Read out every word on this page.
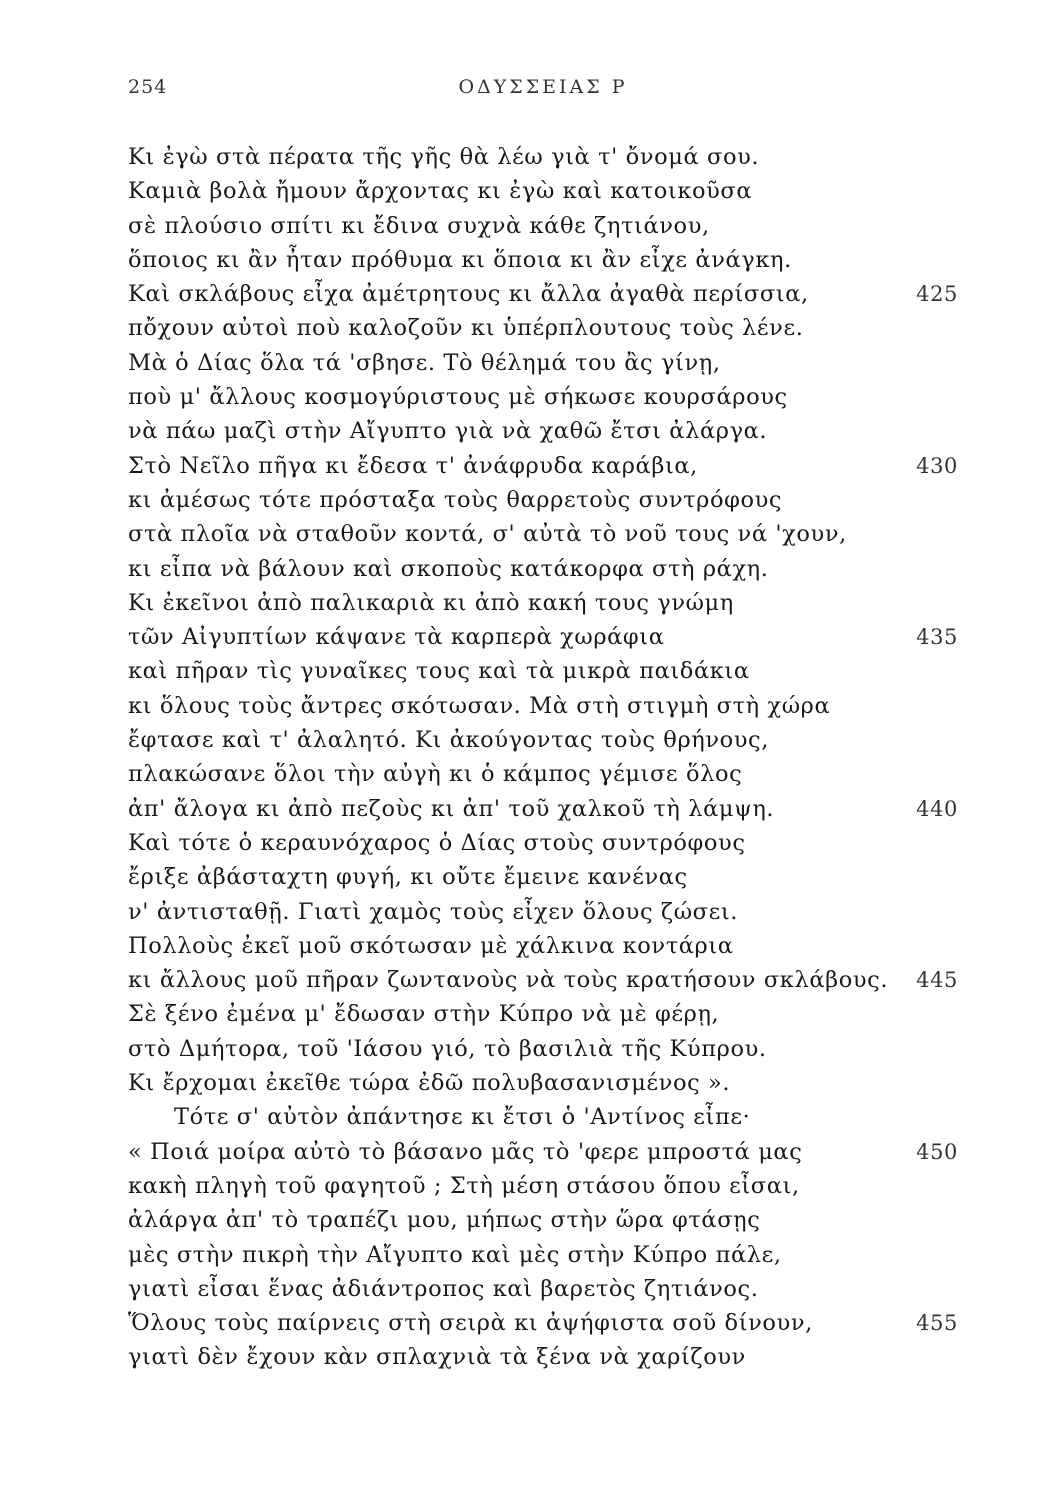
254	ΟΔΥΣΣΕΙΑΣ Ρ
Κι ἐγὼ στὰ πέρατα τῆς γῆς θὰ λέω γιὰ τ' ὄνομά σου.
Καμιὰ βολὰ ἤμουν ἄρχοντας κι ἐγὼ καὶ κατοικοῦσα
σὲ πλούσιο σπίτι κι ἔδινα συχνὰ κάθε ζητιάνου,
ὅποιος κι ἂν ἦταν πρόθυμα κι ὅποια κι ἂν εἶχε ἀνάγκη.
Καὶ σκλάβους εἶχα ἀμέτρητους κι ἄλλα ἀγαθὰ περίσσια,	425
πὄχουν αὐτοὶ ποὺ καλοζοῦν κι ὑπέρπλουτους τοὺς λένε.
Μὰ ὁ Δίας ὅλα τά 'σβησε. Τὸ θέλημά του ἂς γίνῃ,
ποὺ μ' ἄλλους κοσμογύριστους μὲ σήκωσε κουρσάρους
νὰ πάω μαζὶ στὴν Αἴγυπτο γιὰ νὰ χαθῶ ἔτσι ἀλάργα.
Στὸ Νεῖλο πῆγα κι ἔδεσα τ' ἀνάφρυδα καράβια,	430
κι ἀμέσως τότε πρόσταξα τοὺς θαρρετοὺς συντρόφους
στὰ πλοῖα νὰ σταθοῦν κοντά, σ' αὐτὰ τὸ νοῦ τους νά 'χουν,
κι εἶπα νὰ βάλουν καὶ σκοποὺς κατάκορφα στὴ ράχη.
Κι ἐκεῖνοι ἀπὸ παλικαριὰ κι ἀπὸ κακή τους γνώμη
τῶν Αἰγυπτίων κάψανε τὰ καρπερὰ χωράφια	435
καὶ πῆραν τὶς γυναῖκες τους καὶ τὰ μικρὰ παιδάκια
κι ὅλους τοὺς ἄντρες σκότωσαν. Μὰ στὴ στιγμὴ στὴ χώρα
ἔφτασε καὶ τ' ἀλαλητό. Κι ἀκούγοντας τοὺς θρήνους,
πλακώσανε ὅλοι τὴν αὐγὴ κι ὁ κάμπος γέμισε ὅλος
ἀπ' ἄλογα κι ἀπὸ πεζοὺς κι ἀπ' τοῦ χαλκοῦ τὴ λάμψη.	440
Καὶ τότε ὁ κεραυνόχαρος ὁ Δίας στοὺς συντρόφους
ἔριξε ἀβάσταχτη φυγή, κι οὔτε ἔμεινε κανένας
ν' ἀντισταθῇ. Γιατὶ χαμὸς τοὺς εἶχεν ὅλους ζώσει.
Πολλοὺς ἐκεῖ μοῦ σκότωσαν μὲ χάλκινα κοντάρια
κι ἄλλους μοῦ πῆραν ζωντανοὺς νὰ τοὺς κρατήσουν σκλάβους. 445
Σὲ ξένο ἐμένα μ' ἔδωσαν στὴν Κύπρο νὰ μὲ φέρῃ,
στὸ Δμήτορα, τοῦ 'Ιάσου γιό, τὸ βασιλιὰ τῆς Κύπρου.
Κι ἔρχομαι ἐκεῖθε τώρα ἐδῶ πολυβασανισμένος ».
Τότε σ' αὐτὸν ἀπάντησε κι ἔτσι ὁ 'Αντίνος εἶπε·
« Ποιά μοίρα αὐτὸ τὸ βάσανο μᾶς τὸ 'φερε μπροστά μας	450
κακὴ πληγὴ τοῦ φαγητοῦ ; Στὴ μέση στάσου ὅπου εἶσαι,
ἀλάργα ἀπ' τὸ τραπέζι μου, μήπως στὴν ὥρα φτάσῃς
μὲς στὴν πικρὴ τὴν Αἴγυπτο καὶ μὲς στὴν Κύπρο πάλε,
γιατὶ εἶσαι ἕνας ἀδιάντροπος καὶ βαρετὸς ζητιάνος.
Ὅλους τοὺς παίρνεις στὴ σειρὰ κι ἀψήφιστα σοῦ δίνουν,	455
γιατὶ δὲν ἔχουν κὰν σπλαχνιὰ τὰ ξένα νὰ χαρίζουν
